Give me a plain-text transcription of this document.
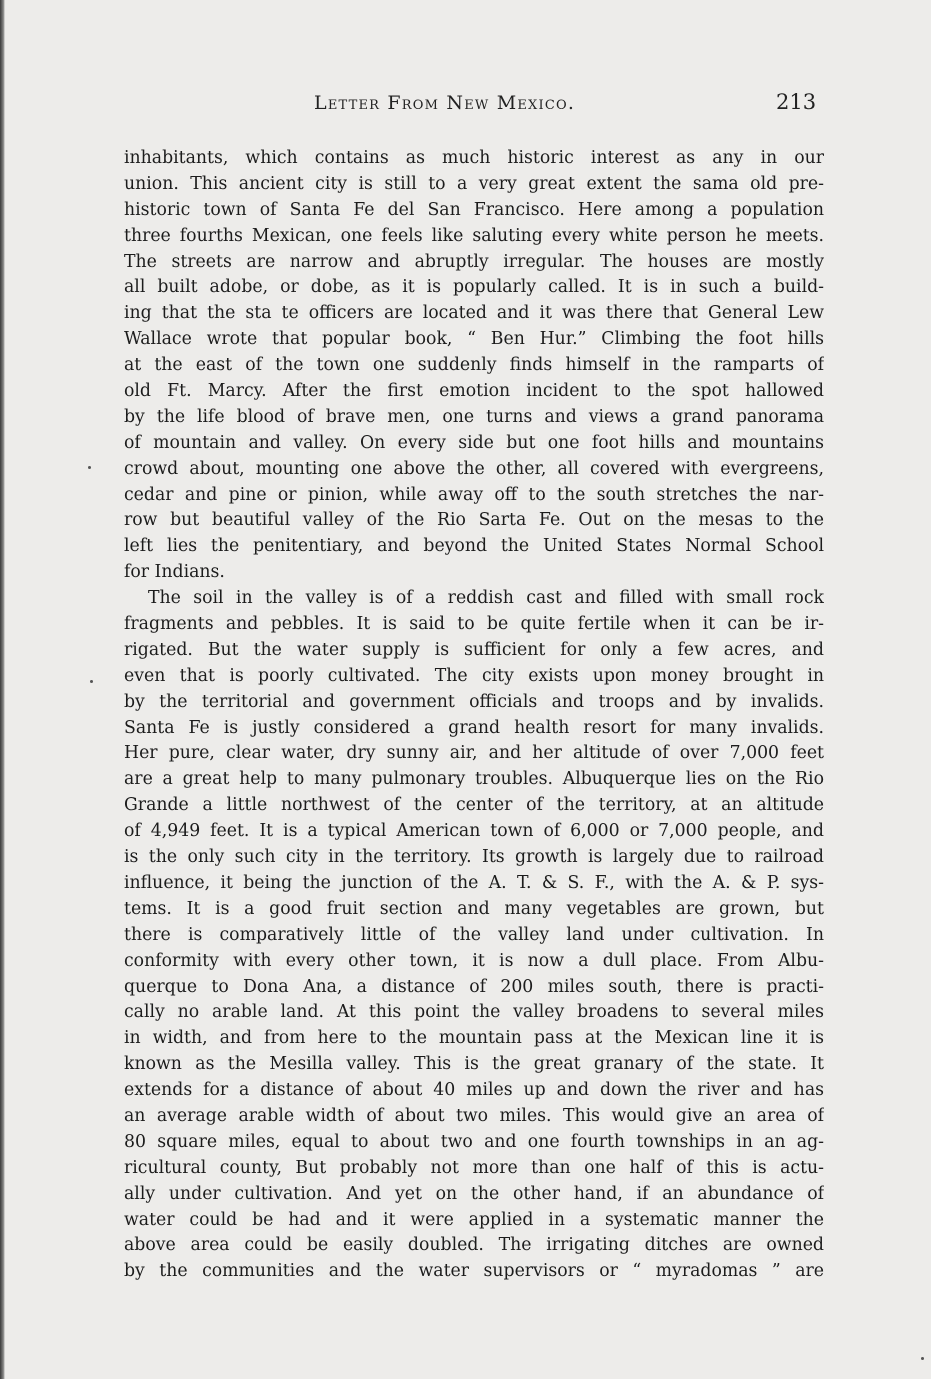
Letter From New Mexico.	213
inhabitants, which contains as much historic interest as any in our
union. This ancient city is still to a very great extent the sama old pre-
historic town of Santa Fe del San Francisco. Here among a population
three fourths Mexican, one feels like saluting every white person he meets.
The streets are narrow and abruptly irregular. The houses are mostly
all built adobe, or dobe, as it is popularly called. It is in such a build-
ing that the sta te officers are located and it was there that General Lew
Wallace wrote that popular book, “ Ben Hur.” Climbing the foot hills
at the east of the town one suddenly finds himself in the ramparts of
old Ft. Marcy. After the first emotion incident to the spot hallowed
by the life blood of brave men, one turns and views a grand panorama
of mountain and valley. On every side but one foot hills and mountains
crowd about, mounting one above the other, all covered with evergreens,
cedar and pine or pinion, while away off to the south stretches the nar-
row but beautiful valley of the Rio Sarta Fe. Out on the mesas to the
left lies the penitentiary, and beyond the United States Normal School
for Indians.
The soil in the valley is of a reddish cast and filled with small rock
fragments and pebbles. It is said to be quite fertile when it can be ir-
rigated. But the water supply is sufficient for only a few acres, and
even that is poorly cultivated. The city exists upon money brought in
by the territorial and government officials and troops and by invalids.
Santa Fe is justly considered a grand health resort for many invalids.
Her pure, clear water, dry sunny air, and her altitude of over 7,000 feet
are a great help to many pulmonary troubles. Albuquerque lies on the Rio
Grande a little northwest of the center of the territory, at an altitude
of 4,949 feet. It is a typical American town of 6,000 or 7,000 people, and
is the only such city in the territory. Its growth is largely due to railroad
influence, it being the junction of the A. T. & S. F., with the A. & P. sys-
tems. It is a good fruit section and many vegetables are grown, but
there is comparatively little of the valley land under cultivation. In
conformity with every other town, it is now a dull place. From Albu-
querque to Dona Ana, a distance of 200 miles south, there is practi-
cally no arable land. At this point the valley broadens to several miles
in width, and from here to the mountain pass at the Mexican line it is
known as the Mesilla valley. This is the great granary of the state. It
extends for a distance of about 40 miles up and down the river and has
an average arable width of about two miles. This would give an area of
80 square miles, equal to about two and one fourth townships in an ag-
ricultural county, But probably not more than one half of this is actu-
ally under cultivation. And yet on the other hand, if an abundance of
water could be had and it were applied in a systematic manner the
above area could be easily doubled. The irrigating ditches are owned
by the communities and the water supervisors or “ myradomas ” are
